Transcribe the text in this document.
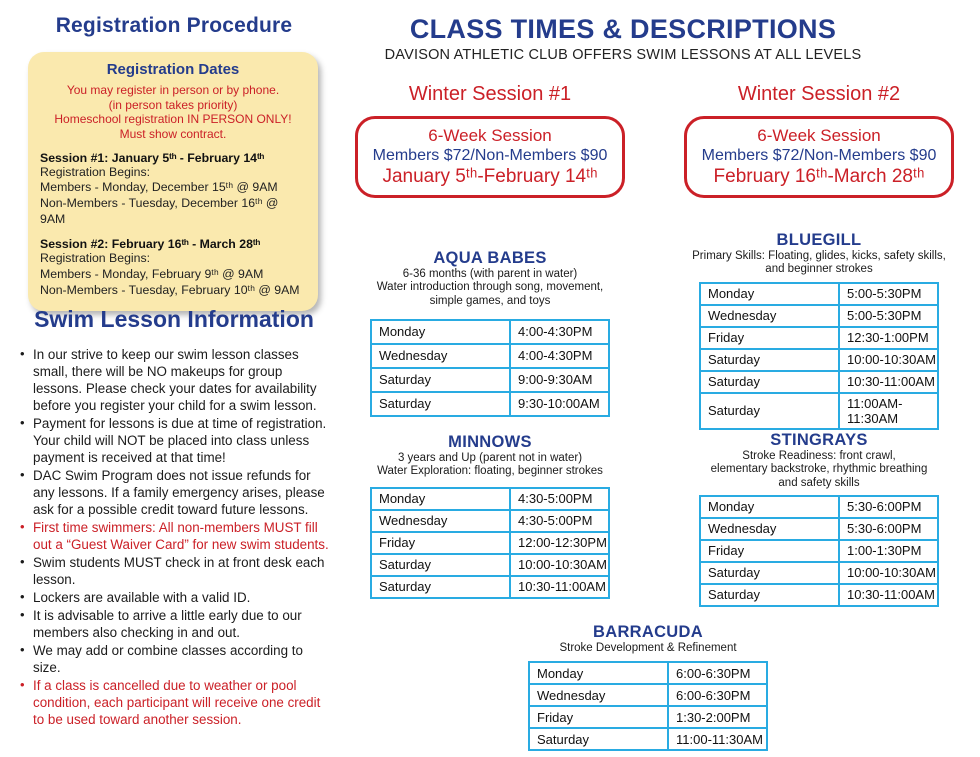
Registration Procedure
Registration Dates
You may register in person or by phone.
(in person takes priority)
Homeschool registration IN PERSON ONLY!
Must show contract.
Session #1: January 5ᵗʰ - February 14ᵗʰ
Registration Begins:
Members - Monday, December 15ᵗʰ @ 9AM
Non-Members - Tuesday, December 16ᵗʰ @ 9AM
Session #2: February 16ᵗʰ - March 28ᵗʰ
Registration Begins:
Members - Monday, February 9ᵗʰ @ 9AM
Non-Members - Tuesday, February 10ᵗʰ @ 9AM
Swim Lesson Information
• In our strive to keep our swim lesson classes small, there will be NO makeups for group lessons. Please check your dates for availability before you register your child for a swim lesson.
• Payment for lessons is due at time of registration. Your child will NOT be placed into class unless payment is received at that time!
• DAC Swim Program does not issue refunds for any lessons. If a family emergency arises, please ask for a possible credit toward future lessons.
• First time swimmers: All non-members MUST fill out a “Guest Waiver Card” for new swim students.
• Swim students MUST check in at front desk each lesson.
• Lockers are available with a valid ID.
• It is advisable to arrive a little early due to our members also checking in and out.
• We may add or combine classes according to size.
• If a class is cancelled due to weather or pool condition, each participant will receive one credit to be used toward another session.
CLASS TIMES & DESCRIPTIONS
DAVISON ATHLETIC CLUB OFFERS SWIM LESSONS AT ALL LEVELS
Winter Session #1	Winter Session #2
6-Week Session
Members $72/Non-Members $90
January 5ᵗʰ-February 14ᵗʰ
6-Week Session
Members $72/Non-Members $90
February 16ᵗʰ-March 28ᵗʰ
AQUA BABES
6-36 months (with parent in water)
Water introduction through song, movement,
simple games, and toys
Monday	4:00-4:30PM
Wednesday	4:00-4:30PM
Saturday	9:00-9:30AM
Saturday	9:30-10:00AM
MINNOWS
3 years and Up (parent not in water)
Water Exploration: floating, beginner strokes
Monday	4:30-5:00PM
Wednesday	4:30-5:00PM
Friday	12:00-12:30PM
Saturday	10:00-10:30AM
Saturday	10:30-11:00AM
BLUEGILL
Primary Skills: Floating, glides, kicks, safety skills,
and beginner strokes
Monday	5:00-5:30PM
Wednesday	5:00-5:30PM
Friday	12:30-1:00PM
Saturday	10:00-10:30AM
Saturday	10:30-11:00AM
Saturday	11:00AM-11:30AM
STINGRAYS
Stroke Readiness: front crawl,
elementary backstroke, rhythmic breathing
and safety skills
Monday	5:30-6:00PM
Wednesday	5:30-6:00PM
Friday	1:00-1:30PM
Saturday	10:00-10:30AM
Saturday	10:30-11:00AM
BARRACUDA
Stroke Development & Refinement
Monday	6:00-6:30PM
Wednesday	6:00-6:30PM
Friday	1:30-2:00PM
Saturday	11:00-11:30AM
